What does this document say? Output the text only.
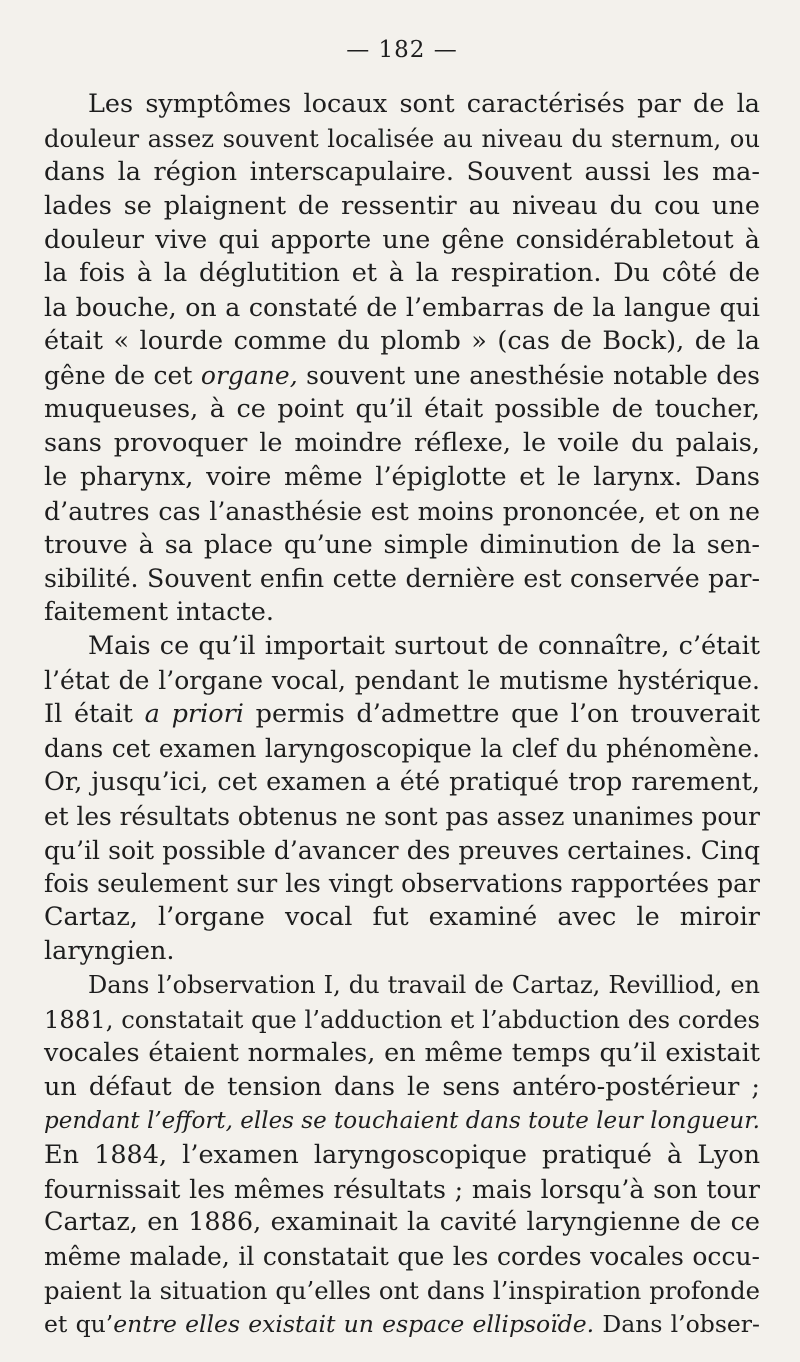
— 182 —
Les symptômes locaux sont caractérisés par de la
douleur assez souvent localisée au niveau du sternum, ou
dans la région interscapulaire. Souvent aussi les ma-
lades se plaignent de ressentir au niveau du cou une
douleur vive qui apporte une gêne considérabletout à
la fois à la déglutition et à la respiration. Du côté de
la bouche, on a constaté de l’embarras de la langue qui
était « lourde comme du plomb » (cas de Bock), de la
gêne de cet organe, souvent une anesthésie notable des
muqueuses, à ce point qu’il était possible de toucher,
sans provoquer le moindre réflexe, le voile du palais,
le pharynx, voire même l’épiglotte et le larynx. Dans
d’autres cas l’anasthésie est moins prononcée, et on ne
trouve à sa place qu’une simple diminution de la sen-
sibilité. Souvent enfin cette dernière est conservée par-
faitement intacte.
Mais ce qu’il importait surtout de connaître, c’était
l’état de l’organe vocal, pendant le mutisme hystérique.
Il était a priori permis d’admettre que l’on trouverait
dans cet examen laryngoscopique la clef du phénomène.
Or, jusqu’ici, cet examen a été pratiqué trop rarement,
et les résultats obtenus ne sont pas assez unanimes pour
qu’il soit possible d’avancer des preuves certaines. Cinq
fois seulement sur les vingt observations rapportées par
Cartaz, l’organe vocal fut examiné avec le miroir
laryngien.
Dans l’observation I, du travail de Cartaz, Revilliod, en
1881, constatait que l’adduction et l’abduction des cordes
vocales étaient normales, en même temps qu’il existait
un défaut de tension dans le sens antéro-postérieur ;
pendant l’effort, elles se touchaient dans toute leur longueur.
En 1884, l’examen laryngoscopique pratiqué à Lyon
fournissait les mêmes résultats ; mais lorsqu’à son tour
Cartaz, en 1886, examinait la cavité laryngienne de ce
même malade, il constatait que les cordes vocales occu-
paient la situation qu’elles ont dans l’inspiration profonde
et qu’entre elles existait un espace ellipsoïde. Dans l’obser-
